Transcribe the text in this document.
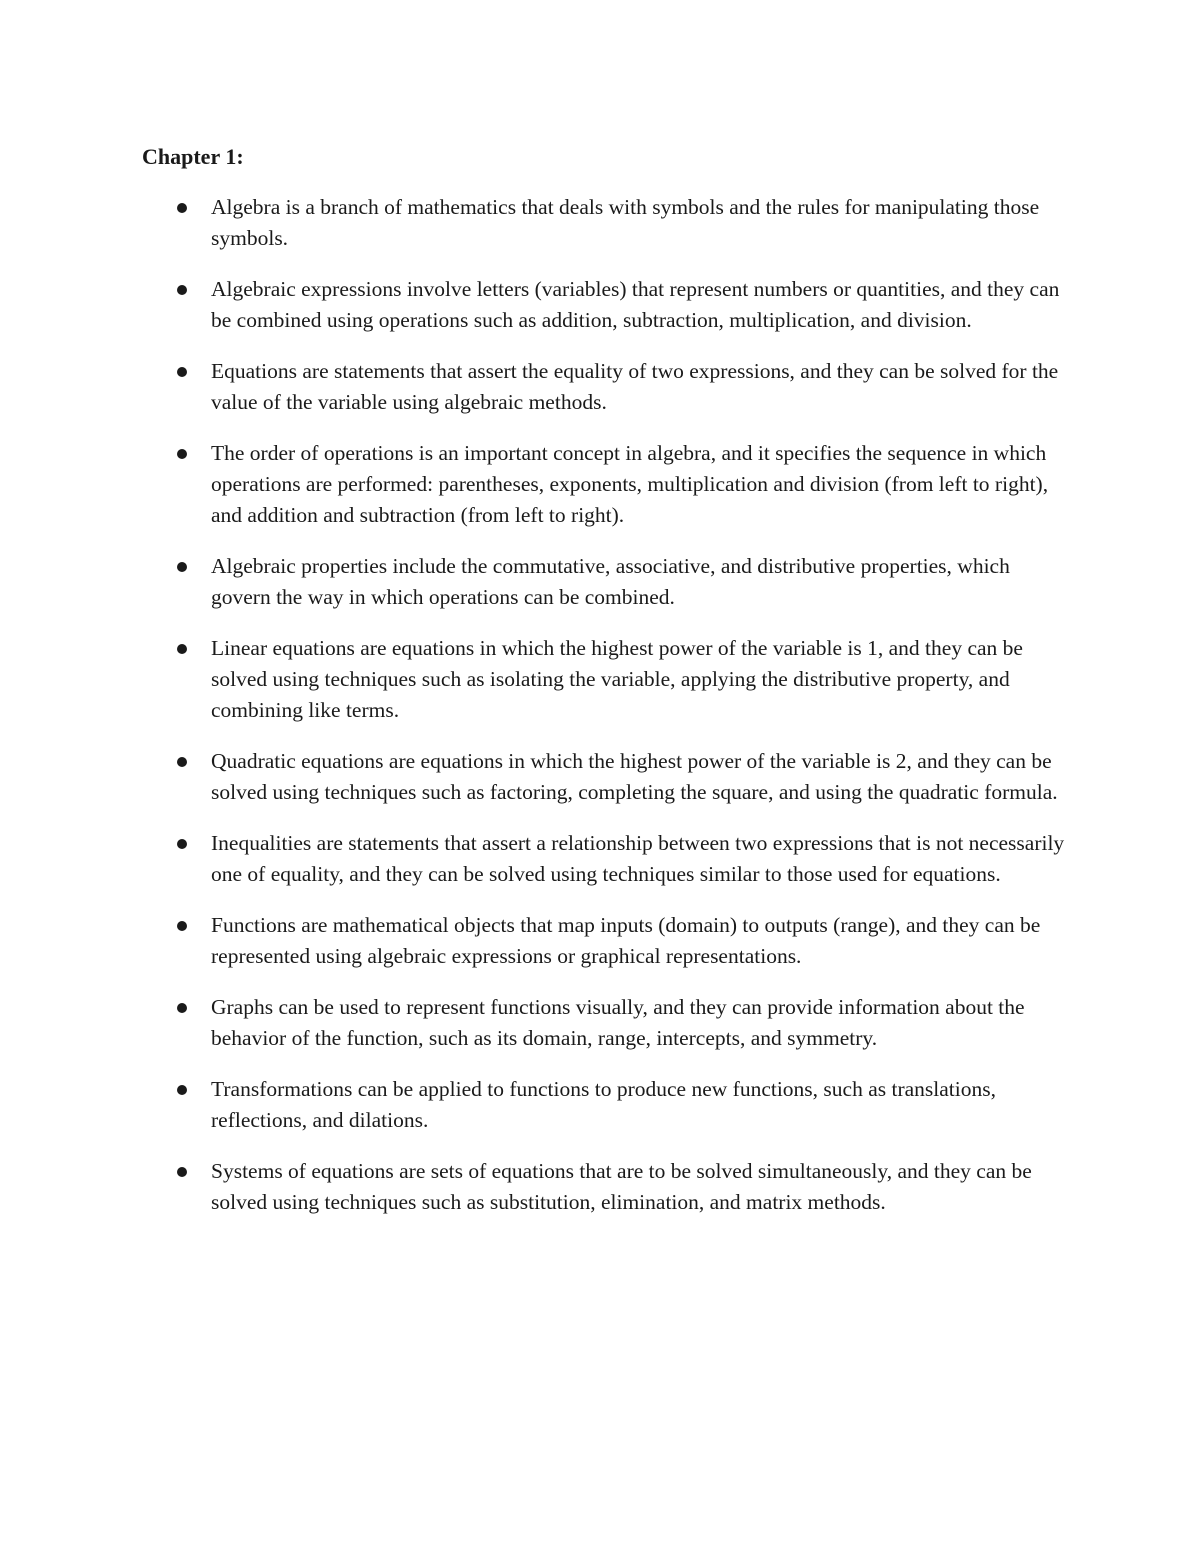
Chapter 1:
Algebra is a branch of mathematics that deals with symbols and the rules for manipulating those symbols.
Algebraic expressions involve letters (variables) that represent numbers or quantities, and they can be combined using operations such as addition, subtraction, multiplication, and division.
Equations are statements that assert the equality of two expressions, and they can be solved for the value of the variable using algebraic methods.
The order of operations is an important concept in algebra, and it specifies the sequence in which operations are performed: parentheses, exponents, multiplication and division (from left to right), and addition and subtraction (from left to right).
Algebraic properties include the commutative, associative, and distributive properties, which govern the way in which operations can be combined.
Linear equations are equations in which the highest power of the variable is 1, and they can be solved using techniques such as isolating the variable, applying the distributive property, and combining like terms.
Quadratic equations are equations in which the highest power of the variable is 2, and they can be solved using techniques such as factoring, completing the square, and using the quadratic formula.
Inequalities are statements that assert a relationship between two expressions that is not necessarily one of equality, and they can be solved using techniques similar to those used for equations.
Functions are mathematical objects that map inputs (domain) to outputs (range), and they can be represented using algebraic expressions or graphical representations.
Graphs can be used to represent functions visually, and they can provide information about the behavior of the function, such as its domain, range, intercepts, and symmetry.
Transformations can be applied to functions to produce new functions, such as translations, reflections, and dilations.
Systems of equations are sets of equations that are to be solved simultaneously, and they can be solved using techniques such as substitution, elimination, and matrix methods.
